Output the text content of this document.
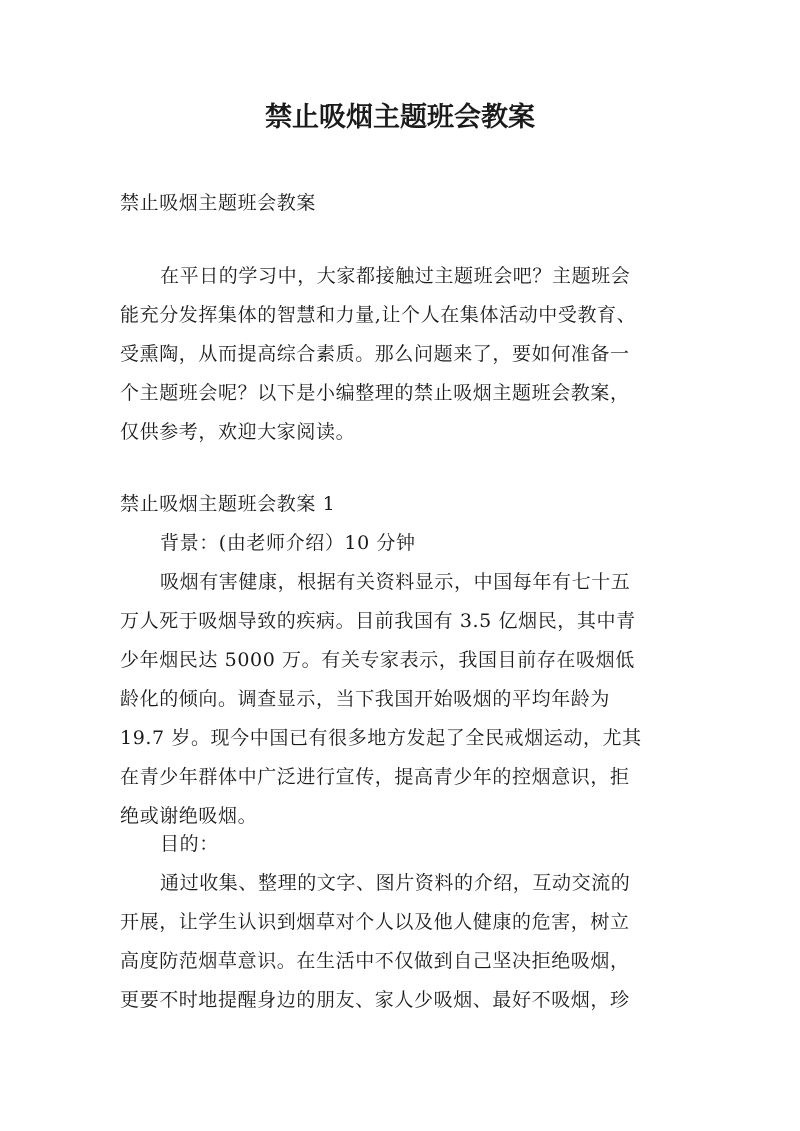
禁止吸烟主题班会教案
禁止吸烟主题班会教案
在平日的学习中，大家都接触过主题班会吧？主题班会
能充分发挥集体的智慧和力量,让个人在集体活动中受教育、
受熏陶，从而提高综合素质。那么问题来了，要如何准备一
个主题班会呢？以下是小编整理的禁止吸烟主题班会教案，
仅供参考，欢迎大家阅读。
禁止吸烟主题班会教案 1
背景：(由老师介绍）10 分钟
吸烟有害健康，根据有关资料显示，中国每年有七十五
万人死于吸烟导致的疾病。目前我国有 3.5 亿烟民，其中青
少年烟民达 5000 万。有关专家表示，我国目前存在吸烟低
龄化的倾向。调查显示，当下我国开始吸烟的平均年龄为
19.7 岁。现今中国已有很多地方发起了全民戒烟运动，尤其
在青少年群体中广泛进行宣传，提高青少年的控烟意识，拒
绝或谢绝吸烟。
目的：
通过收集、整理的文字、图片资料的介绍，互动交流的
开展，让学生认识到烟草对个人以及他人健康的危害，树立
高度防范烟草意识。在生活中不仅做到自己坚决拒绝吸烟，
更要不时地提醒身边的朋友、家人少吸烟、最好不吸烟，珍
